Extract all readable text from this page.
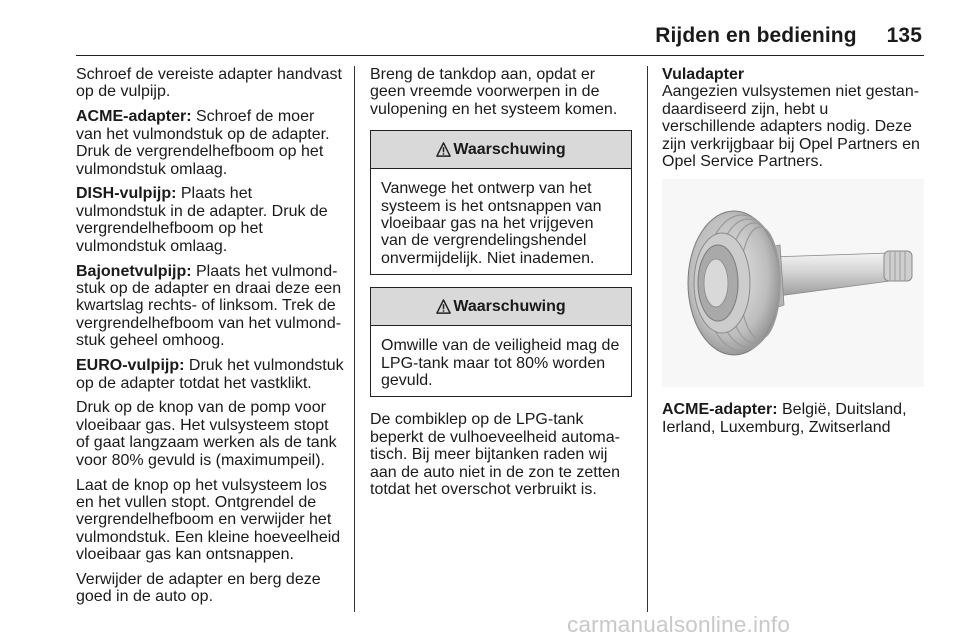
Rijden en bediening 135

Schroef de vereiste adapter handvast op de vulpijp.

ACME-adapter: Schroef de moer van het vulmondstuk op de adapter. Druk de vergrendelhefboom op het vulmondstuk omlaag.

DISH-vulpijp: Plaats het vulmondstuk in de adapter. Druk de vergrendelhefboom op het vulmondstuk omlaag.

Bajonetvulpijp: Plaats het vulmondstuk op de adapter en draai deze een kwartslag rechts- of linksom. Trek de vergrendelhefboom van het vulmondstuk geheel omhoog.

EURO-vulpijp: Druk het vulmondstuk op de adapter totdat het vastklikt.

Druk op de knop van de pomp voor vloeibaar gas. Het vulsysteem stopt of gaat langzaam werken als de tank voor 80% gevuld is (maximumpeil).

Laat de knop op het vulsysteem los en het vullen stopt. Ontgrendel de vergrendelhefboom en verwijder het vulmondstuk. Een kleine hoeveelheid vloeibaar gas kan ontsnappen.

Verwijder de adapter en berg deze goed in de auto op.

Breng de tankdop aan, opdat er geen vreemde voorwerpen in de vulopening en het systeem komen.

Waarschuwing

Vanwege het ontwerp van het systeem is het ontsnappen van vloeibaar gas na het vrijgeven van de vergrendelingshendel onvermijdelijk. Niet inademen.

Waarschuwing

Omwille van de veiligheid mag de LPG-tank maar tot 80% worden gevuld.

De combiklep op de LPG-tank beperkt de vulhoeveelheid automatisch. Bij meer bijtanken raden wij aan de auto niet in de zon te zetten totdat het overschot verbruikt is.

Vuladapter

Aangezien vulsystemen niet gestandaardiseerd zijn, hebt u verschillende adapters nodig. Deze zijn verkrijgbaar bij Opel Partners en Opel Service Partners.

ACME-adapter: België, Duitsland, Ierland, Luxemburg, Zwitserland

carmanualsonline.info
